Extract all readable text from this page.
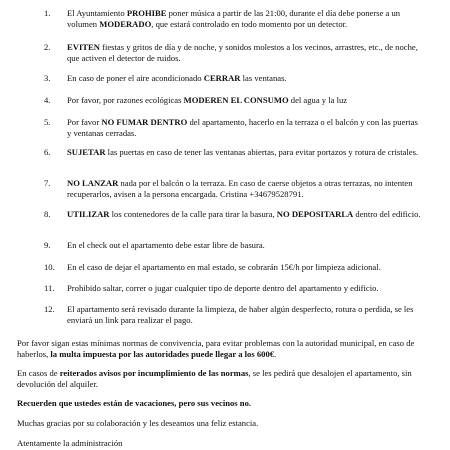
1. El Ayuntamiento PROHIBE poner música a partir de las 21:00, durante el día debe ponerse a un volumen MODERADO, que estará controlado en todo momento por un detector.
2. EVITEN fiestas y gritos de día y de noche, y sonidos molestos a los vecinos, arrastres, etc., de noche, que activen el detector de ruidos.
3. En caso de poner el aire acondicionado CERRAR las ventanas.
4. Por favor, por razones ecológicas MODEREN EL CONSUMO del agua y la luz
5. Por favor NO FUMAR DENTRO del apartamento, hacerlo en la terraza o el balcón y con las puertas y ventanas cerradas.
6. SUJETAR las puertas en caso de tener las ventanas abiertas, para evitar portazos y rotura de cristales.
7. NO LANZAR nada por el balcón o la terraza. En caso de caerse objetos a otras terrazas, no intenten recuperarlos, avisen a la persona encargada. Cristina +34679528791.
8. UTILIZAR los contenedores de la calle para tirar la basura, NO DEPOSITARLA dentro del edificio.
9. En el check out el apartamento debe estar libre de basura.
10. En el caso de dejar el apartamento en mal estado, se cobrarán 15€/h por limpieza adicional.
11. Prohibido saltar, correr o jugar cualquier tipo de deporte dentro del apartamento y edificio.
12. El apartamento será revisado durante la limpieza, de haber algún desperfecto, rotura o perdida, se les enviará un link para realizar el pago.
Por favor sigan estas mínimas normas de convivencia, para evitar problemas con la autoridad municipal, en caso de haberlos, la multa impuesta por las autoridades puede llegar a los 600€.
En casos de reiterados avisos por incumplimiento de las normas, se les pedirá que desalojen el apartamento, sin devolución del alquiler.
Recuerden que ustedes están de vacaciones, pero sus vecinos no.
Muchas gracias por su colaboración y les deseamos una feliz estancia.
Atentamente la administración
